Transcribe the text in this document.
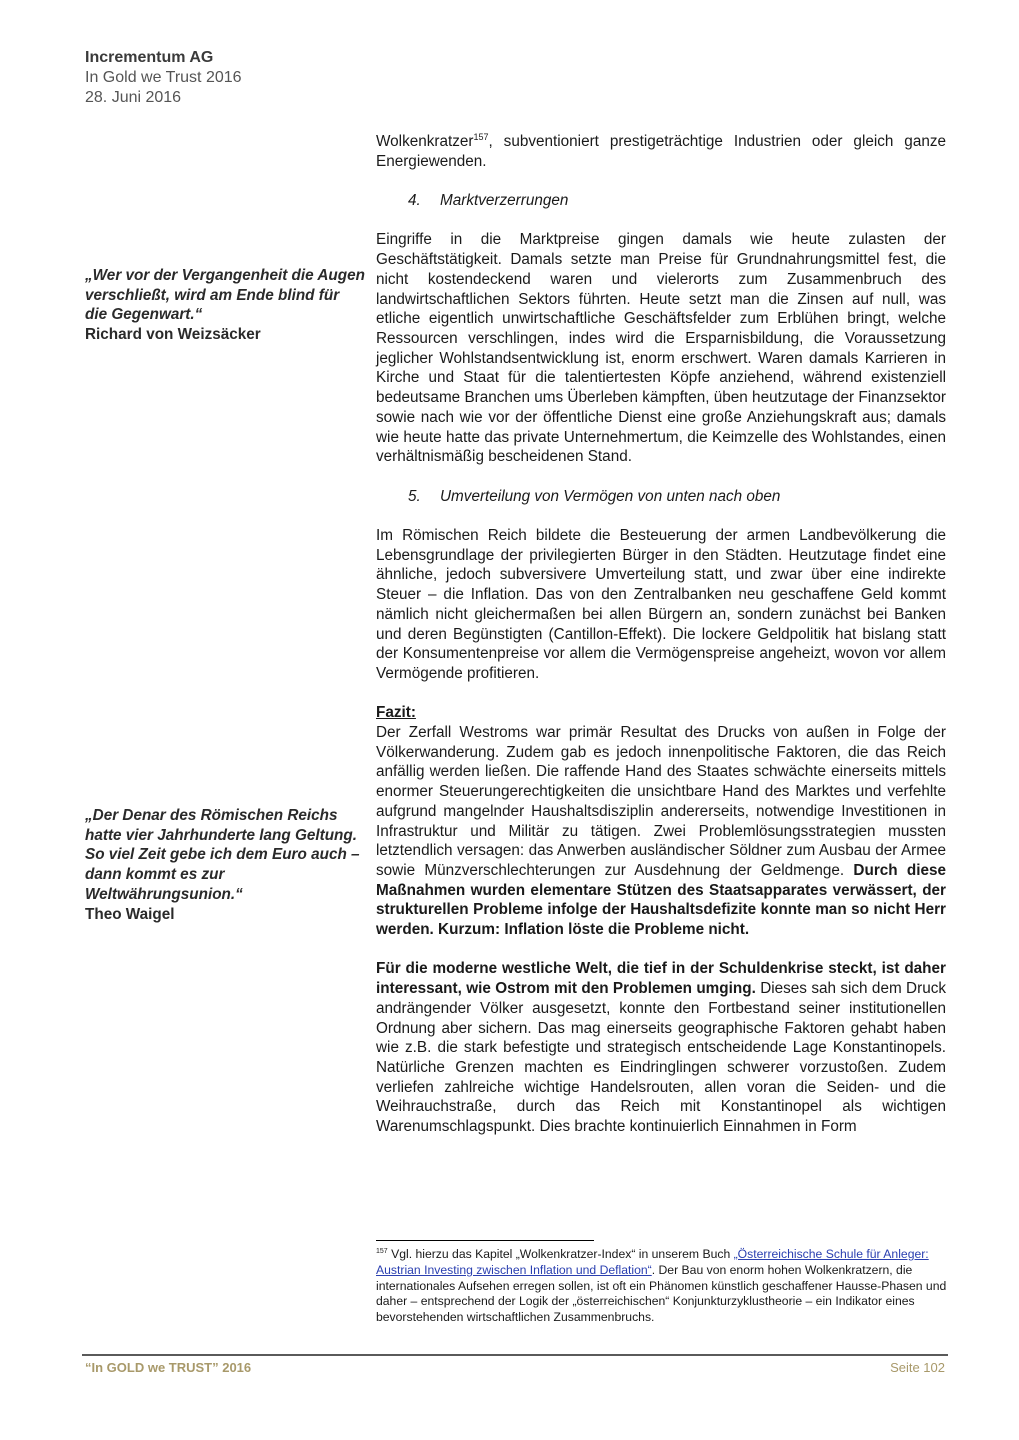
Incrementum AG
In Gold we Trust 2016
28. Juni 2016
„Wer vor der Vergangenheit die Augen verschließt, wird am Ende blind für die Gegenwart.“
Richard von Weizsäcker
„Der Denar des Römischen Reichs hatte vier Jahrhunderte lang Geltung. So viel Zeit gebe ich dem Euro auch – dann kommt es zur Weltwährungsunion.“
Theo Waigel

Wolkenkratzer$^{157}$, subventioniert prestigeträchtige Industrien oder gleich ganze Energiewenden.

4. Marktverzerrungen

Eingriffe in die Marktpreise gingen damals wie heute zulasten der Geschäftstätigkeit. Damals setzte man Preise für Grundnahrungsmittel fest, die nicht kostendeckend waren und vielerorts zum Zusammenbruch des landwirtschaftlichen Sektors führten. Heute setzt man die Zinsen auf null, was etliche eigentlich unwirtschaftliche Geschäftsfelder zum Erblühen bringt, welche Ressourcen verschlingen, indes wird die Ersparnisbildung, die Voraussetzung jeglicher Wohlstandsentwicklung ist, enorm erschwert. Waren damals Karrieren in Kirche und Staat für die talentiertesten Köpfe anziehend, während existenziell bedeutsame Branchen ums Überleben kämpften, üben heutzutage der Finanzsektor sowie nach wie vor der öffentliche Dienst eine große Anziehungskraft aus; damals wie heute hatte das private Unternehmertum, die Keimzelle des Wohlstandes, einen verhältnismäßig bescheidenen Stand.

5. Umverteilung von Vermögen von unten nach oben

Im Römischen Reich bildete die Besteuerung der armen Landbevölkerung die Lebensgrundlage der privilegierten Bürger in den Städten. Heutzutage findet eine ähnliche, jedoch subversivere Umverteilung statt, und zwar über eine indirekte Steuer – die Inflation. Das von den Zentralbanken neu geschaffene Geld kommt nämlich nicht gleichermaßen bei allen Bürgern an, sondern zunächst bei Banken und deren Begünstigten (Cantillon-Effekt). Die lockere Geldpolitik hat bislang statt der Konsumentenpreise vor allem die Vermögenspreise angeheizt, wovon vor allem Vermögende profitieren.

Fazit:

Der Zerfall Westroms war primär Resultat des Drucks von außen in Folge der Völkerwanderung. Zudem gab es jedoch innenpolitische Faktoren, die das Reich anfällig werden ließen. Die raffende Hand des Staates schwächte einerseits mittels enormer Steuerungerechtigkeiten die unsichtbare Hand des Marktes und verfehlte aufgrund mangelnder Haushaltsdisziplin andererseits, notwendige Investitionen in Infrastruktur und Militär zu tätigen. Zwei Problemlösungsstrategien mussten letztendlich versagen: das Anwerben ausländischer Söldner zum Ausbau der Armee sowie Münzverschlechterungen zur Ausdehnung der Geldmenge. Durch diese Maßnahmen wurden elementare Stützen des Staatsapparates verwässert, der strukturellen Probleme infolge der Haushaltsdefizite konnte man so nicht Herr werden. Kurzum: Inflation löste die Probleme nicht.

Für die moderne westliche Welt, die tief in der Schuldenkrise steckt, ist daher interessant, wie Ostrom mit den Problemen umging. Dieses sah sich dem Druck andrängender Völker ausgesetzt, konnte den Fortbestand seiner institutionellen Ordnung aber sichern. Das mag einerseits geographische Faktoren gehabt haben wie z.B. die stark befestigte und strategisch entscheidende Lage Konstantinopels. Natürliche Grenzen machten es Eindringlingen schwerer vorzustoßen. Zudem verliefen zahlreiche wichtige Handelsrouten, allen voran die Seiden- und die Weihrauchstraße, durch das Reich mit Konstantinopel als wichtigen Warenumschlagspunkt. Dies brachte kontinuierlich Einnahmen in Form

$^{157}$ Vgl. hierzu das Kapitel „Wolkenkratzer-Index“ in unserem Buch „Österreichische Schule für Anleger: Austrian Investing zwischen Inflation und Deflation“. Der Bau von enorm hohen Wolkenkratzern, die internationales Aufsehen erregen sollen, ist oft ein Phänomen künstlich geschaffener Hausse-Phasen und daher – entsprechend der Logik der „österreichischen“ Konjunkturzyklustheorie – ein Indikator eines bevorstehenden wirtschaftlichen Zusammenbruchs.
“In GOLD we TRUST” 2016	Seite 102
